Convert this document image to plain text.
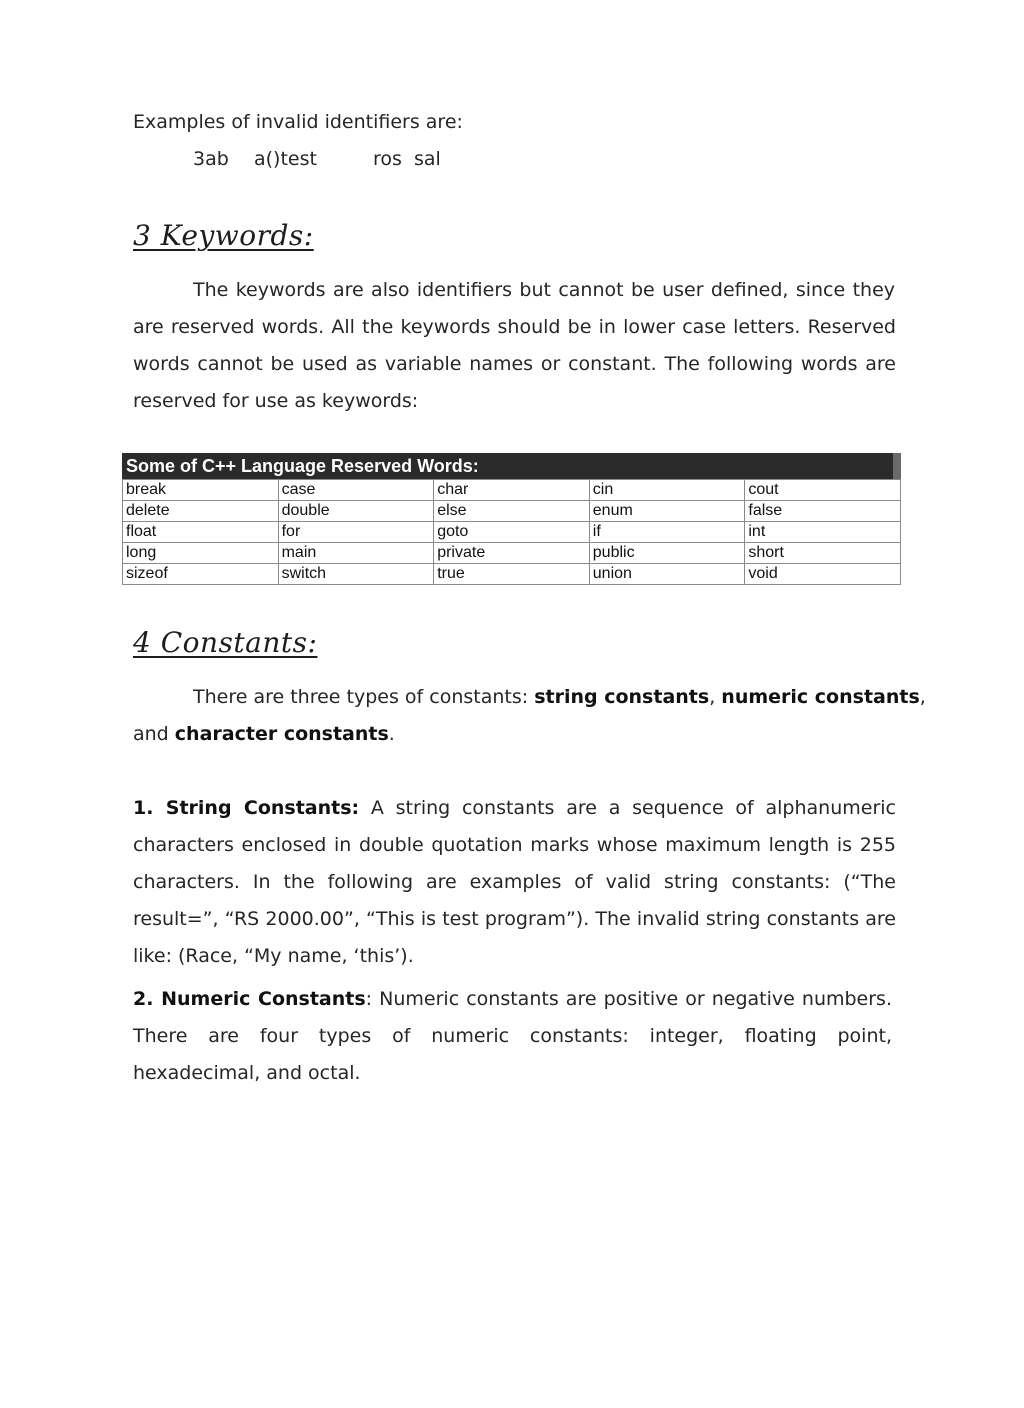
Examples of invalid identifiers are:
3ab a()test	ros  sal
3 Keywords:
The keywords are also identifiers but cannot be user defined, since they
are reserved words. All the keywords should be in lower case letters. Reserved
words cannot be used as variable names or constant. The following words are
reserved for use as keywords:
Some of C++ Language Reserved Words:
break	case	char	cin	cout
delete	double	else	enum	false
float	for	goto	if	int
long	main	private	public	short
sizeof	switch	true	union	void
4 Constants:
There are three types of constants: string constants, numeric constants,
and character constants.
1. String Constants: A string constants are a sequence of alphanumeric
characters enclosed in double quotation marks whose maximum length is 255
characters. In the following are examples of valid string constants: (“The
result=”, “RS 2000.00”, “This is test program”). The invalid string constants are
like: (Race, “My name, ‘this’).
2. Numeric Constants: Numeric constants are positive or negative numbers.
There are four types of numeric constants: integer, floating point,
hexadecimal, and octal.
